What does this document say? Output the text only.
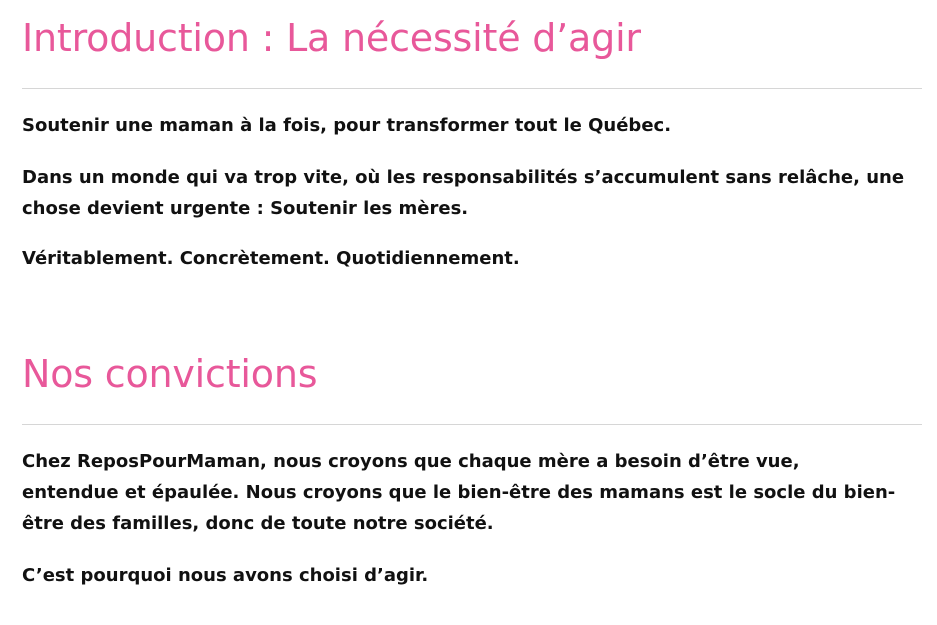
Introduction : La nécessité d’agir

Soutenir une maman à la fois, pour transformer tout le Québec.

Dans un monde qui va trop vite, où les responsabilités s’accumulent sans relâche, une chose devient urgente : Soutenir les mères.

Véritablement. Concrètement. Quotidiennement.

Nos convictions

Chez ReposPourMaman, nous croyons que chaque mère a besoin d’être vue, entendue et épaulée. Nous croyons que le bien-être des mamans est le socle du bien-être des familles, donc de toute notre société.

C’est pourquoi nous avons choisi d’agir.
